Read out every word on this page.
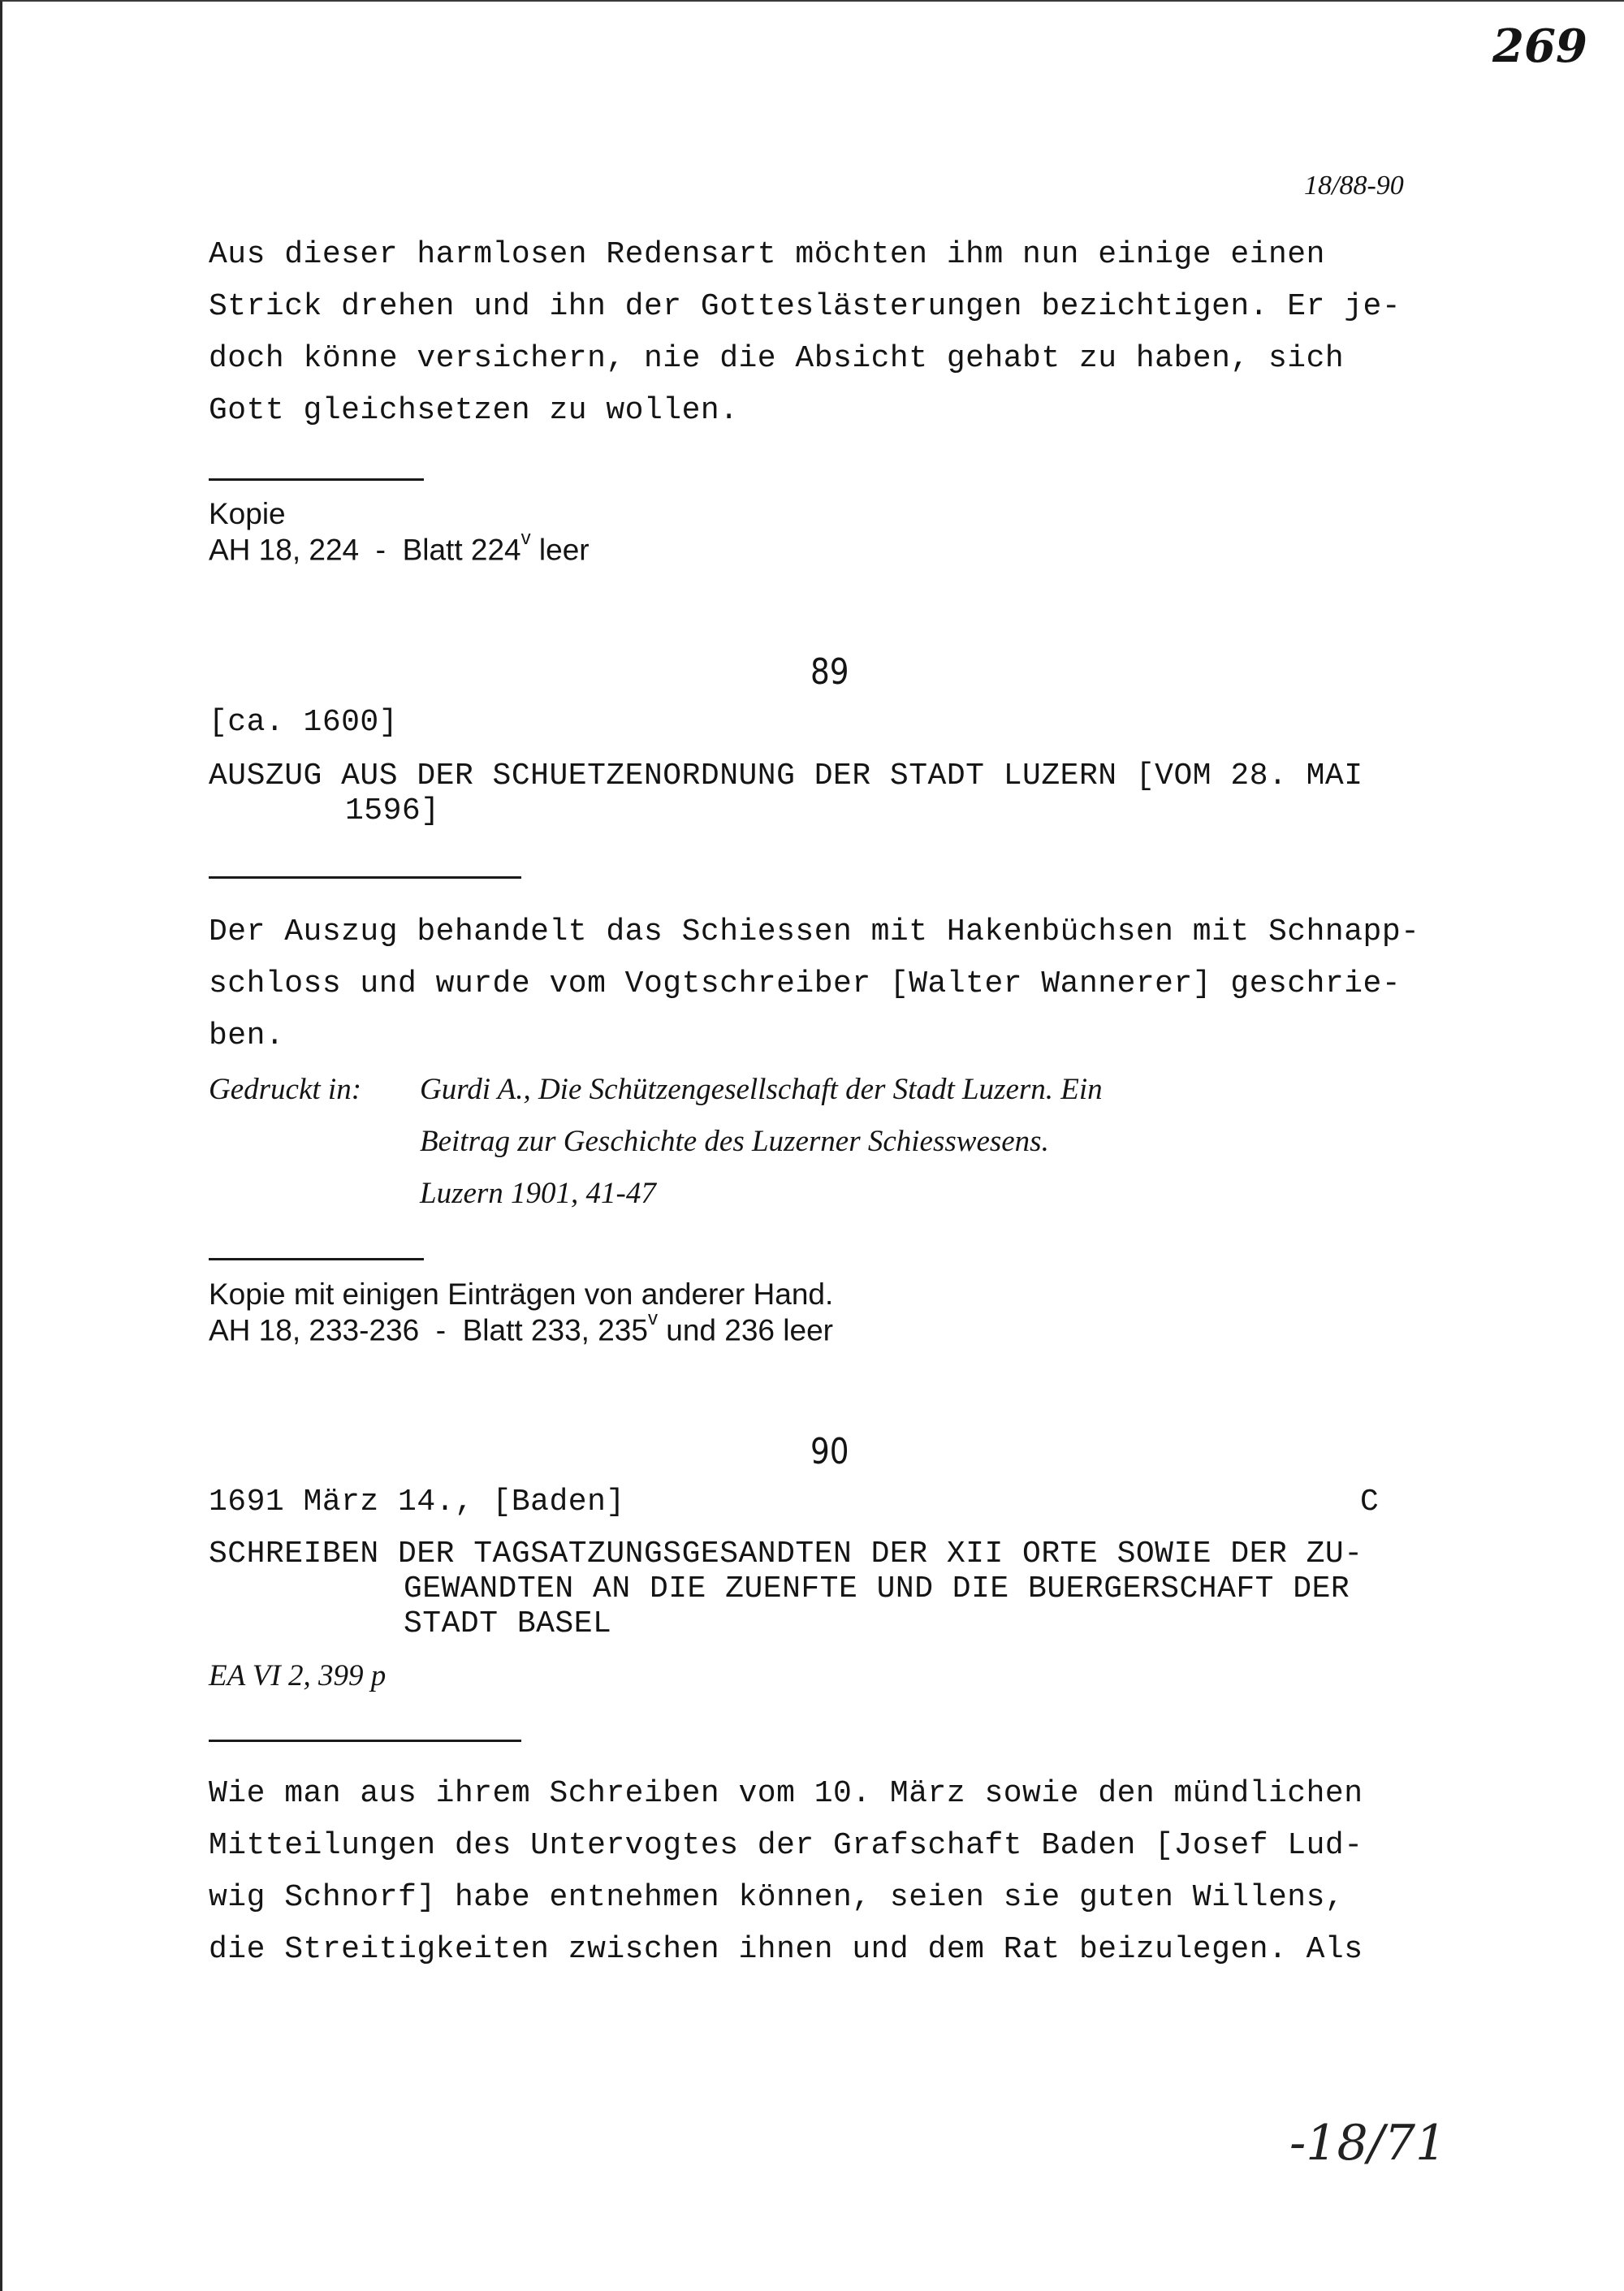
269
18/88-90
Aus dieser harmlosen Redensart möchten ihm nun einige einen
Strick drehen und ihn der Gotteslästerungen bezichtigen. Er je-
doch könne versichern, nie die Absicht gehabt zu haben, sich
Gott gleichsetzen zu wollen.
Kopie
AH 18, 224  -  Blatt 224$^v$ leer
89
[ca. 1600]
AUSZUG AUS DER SCHUETZENORDNUNG DER STADT LUZERN [VOM 28. MAI
1596]
Der Auszug behandelt das Schiessen mit Hakenbüchsen mit Schnapp-
schloss und wurde vom Vogtschreiber [Walter Wannerer] geschrie-
ben.
Gedruckt in: Gurdi A., Die Schützengesellschaft der Stadt Luzern. Ein
Beitrag zur Geschichte des Luzerner Schiesswesens.
Luzern 1901, 41-47
Kopie mit einigen Einträgen von anderer Hand.
AH 18, 233-236  -  Blatt 233, 235$^v$ und 236 leer
90
1691 März 14., [Baden]	C
SCHREIBEN DER TAGSATZUNGSGESANDTEN DER XII ORTE SOWIE DER ZU-
GEWANDTEN AN DIE ZUENFTE UND DIE BUERGERSCHAFT DER
STADT BASEL
EA VI 2, 399 p
Wie man aus ihrem Schreiben vom 10. März sowie den mündlichen
Mitteilungen des Untervogtes der Grafschaft Baden [Josef Lud-
wig Schnorf] habe entnehmen können, seien sie guten Willens,
die Streitigkeiten zwischen ihnen und dem Rat beizulegen. Als
-18/71
